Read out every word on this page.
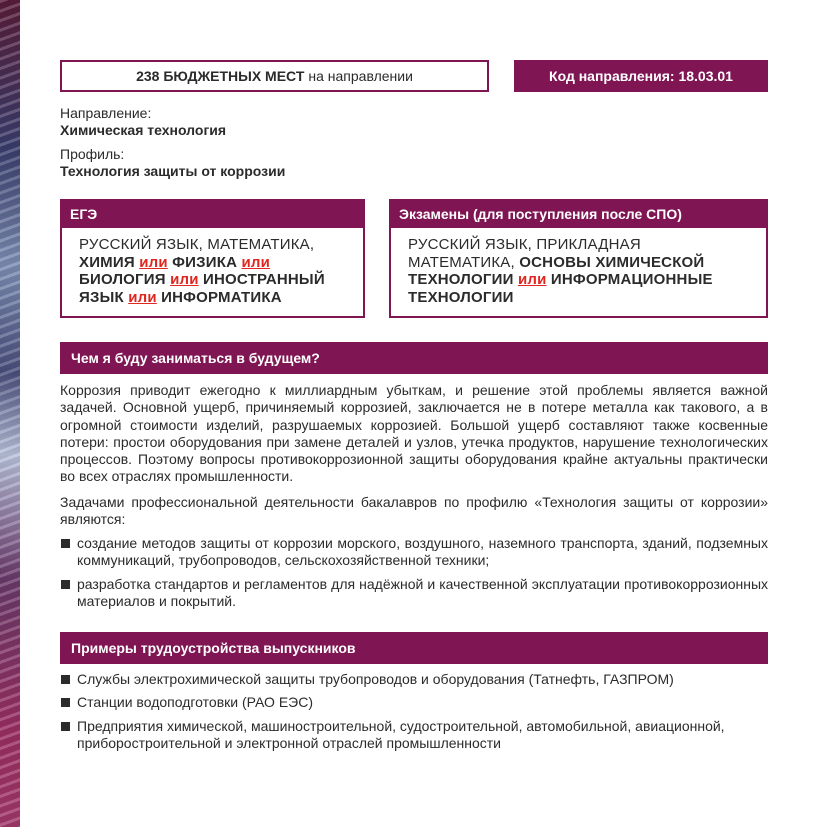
238 БЮДЖЕТНЫХ МЕСТ на направлении	Код направления: 18.03.01
Направление:
Химическая технология
Профиль:
Технология защиты от коррозии
ЕГЭ
РУССКИЙ ЯЗЫК, МАТЕМАТИКА,
ХИМИЯ или ФИЗИКА или
БИОЛОГИЯ или ИНОСТРАННЫЙ
ЯЗЫК или ИНФОРМАТИКА
Экзамены (для поступления после СПО)
РУССКИЙ ЯЗЫК, ПРИКЛАДНАЯ
МАТЕМАТИКА, ОСНОВЫ ХИМИЧЕСКОЙ
ТЕХНОЛОГИИ или ИНФОРМАЦИОННЫЕ
ТЕХНОЛОГИИ
Чем я буду заниматься в будущем?
Коррозия приводит ежегодно к миллиардным убыткам, и решение этой проблемы является важной задачей. Основной ущерб, причиняемый коррозией, заключается не в потере металла как такового, а в огромной стоимости изделий, разрушаемых коррозией. Большой ущерб составляют также косвенные потери: простои оборудования при замене деталей и узлов, утечка продуктов, нарушение технологических процессов. Поэтому вопросы противокоррозионной защиты оборудования крайне актуальны практически во всех отраслях промышленности.
Задачами профессиональной деятельности бакалавров по профилю «Технология защиты от коррозии» являются:
создание методов защиты от коррозии морского, воздушного, наземного транспорта, зданий, подземных коммуникаций, трубопроводов, сельскохозяйственной техники;
разработка стандартов и регламентов для надёжной и качественной эксплуатации противокоррозионных материалов и покрытий.
Примеры трудоустройства выпускников
Службы электрохимической защиты трубопроводов и оборудования (Татнефть, ГАЗПРОМ)
Станции водоподготовки (РАО ЕЭС)
Предприятия химической, машиностроительной, судостроительной, автомобильной, авиационной, приборостроительной и электронной отраслей промышленности
